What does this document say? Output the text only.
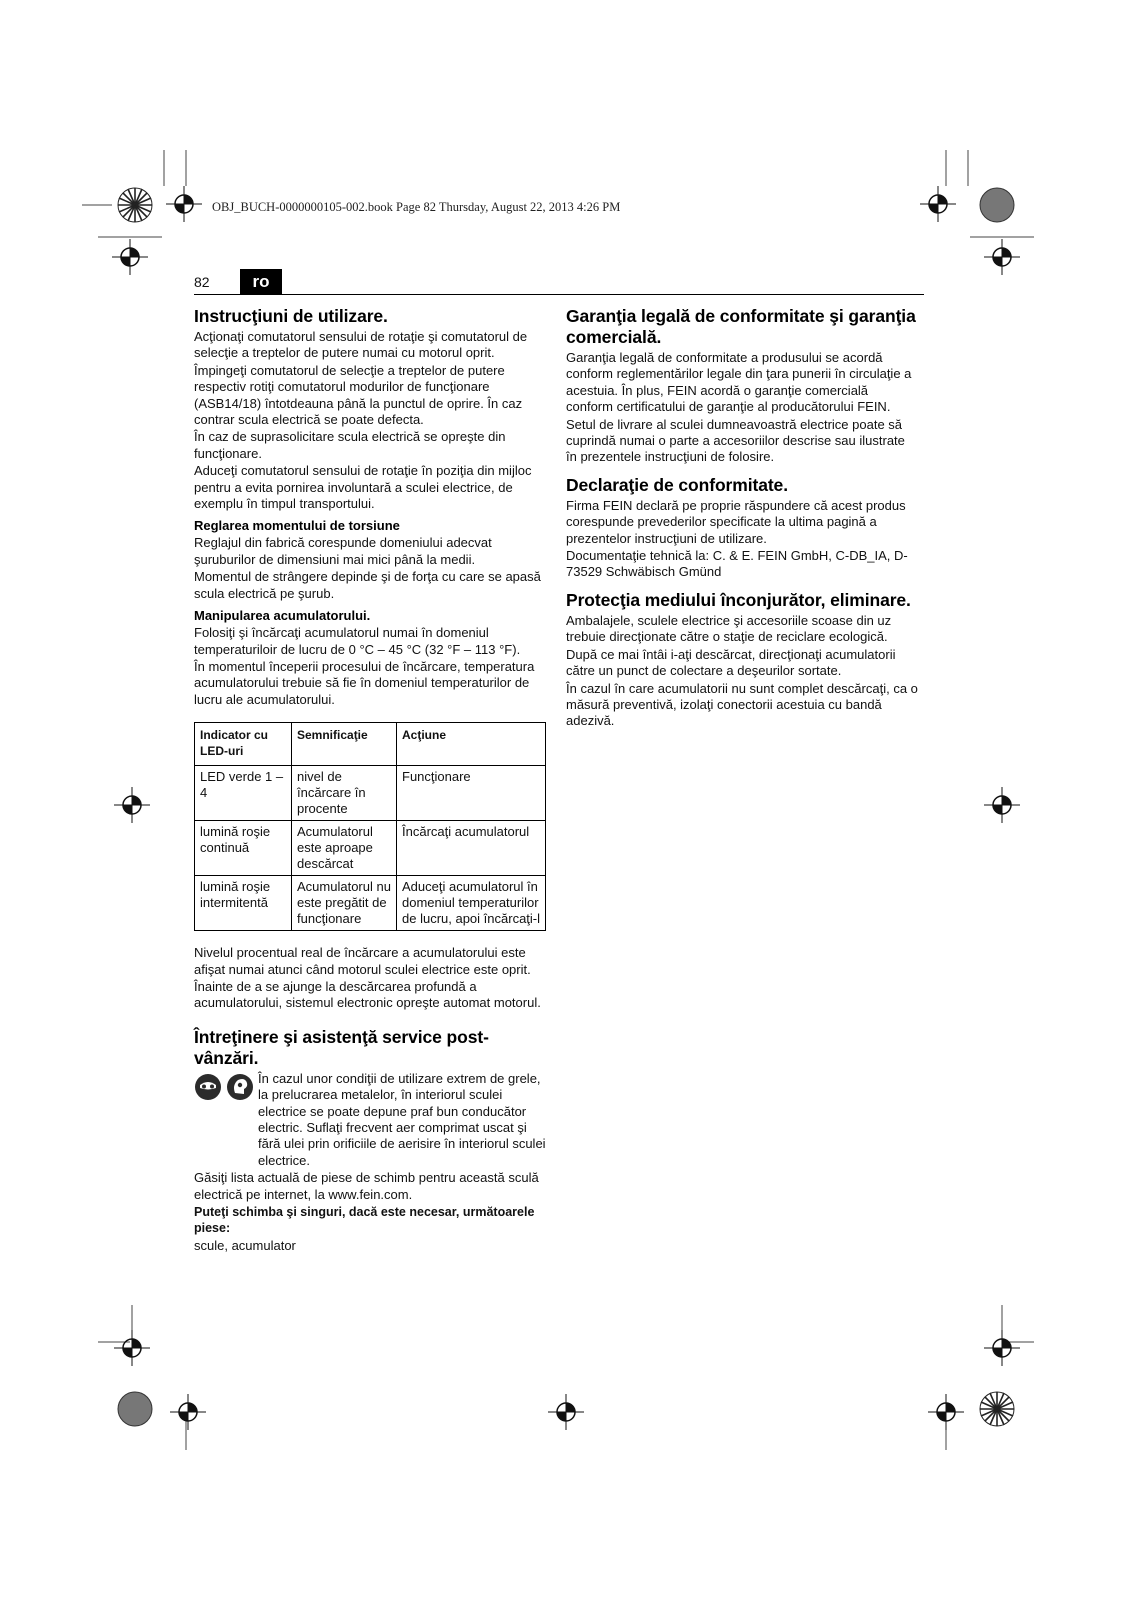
OBJ_BUCH-0000000105-002.book Page 82 Thursday, August 22, 2013 4:26 PM
82	ro
Instrucţiuni de utilizare.

Acţionaţi comutatorul sensului de rotaţie şi comutatorul de selecţie a treptelor de putere numai cu motorul oprit.

Împingeţi comutatorul de selecţie a treptelor de putere respectiv rotiţi comutatorul modurilor de funcţionare (ASB14/18) întotdeauna până la punctul de oprire. În caz contrar scula electrică se poate defecta.

În caz de suprasolicitare scula electrică se opreşte din funcţionare.

Aduceţi comutatorul sensului de rotaţie în poziţia din mijloc pentru a evita pornirea involuntară a sculei electrice, de exemplu în timpul transportului.

Reglarea momentului de torsiune

Reglajul din fabrică corespunde domeniului adecvat şuruburilor de dimensiuni mai mici până la medii.

Momentul de strângere depinde şi de forţa cu care se apasă scula electrică pe şurub.

Manipularea acumulatorului.

Folosiţi şi încărcaţi acumulatorul numai în domeniul temperaturiloir de lucru de 0 °C – 45 °C (32 °F – 113 °F).

În momentul începerii procesului de încărcare, temperatura acumulatorului trebuie să fie în domeniul temperaturilor de lucru ale acumulatorului.

Indicator cu LED-uri	Semnificaţie	Acţiune
LED verde 1 – 4	nivel de încărcare în procente	Funcţionare
lumină roşie continuă	Acumulatorul este aproape descărcat	Încărcaţi acumulatorul
lumină roşie intermitentă	Acumulatorul nu este pregătit de funcţionare	Aduceţi acumulatorul în domeniul temperaturilor de lucru, apoi încărcaţi-l

Nivelul procentual real de încărcare a acumulatorului este afişat numai atunci când motorul sculei electrice este oprit.

Înainte de a se ajunge la descărcarea profundă a acumulatorului, sistemul electronic opreşte automat motorul.

Întreţinere şi asistenţă service post-vânzări.

În cazul unor condiţii de utilizare extrem de grele, la prelucrarea metalelor, în interiorul sculei electrice se poate depune praf bun conducător electric. Suflaţi frecvent aer comprimat uscat şi fără ulei prin orificiile de aerisire în interiorul sculei electrice.

Găsiţi lista actuală de piese de schimb pentru această sculă electrică pe internet, la www.fein.com.

Puteţi schimba şi singuri, dacă este necesar, următoarele piese:

scule, acumulator

Garanţia legală de conformitate şi garanţia comercială.

Garanţia legală de conformitate a produsului se acordă conform reglementărilor legale din ţara punerii în circulaţie a acestuia. În plus, FEIN acordă o garanţie comercială conform certificatului de garanţie al producătorului FEIN.

Setul de livrare al sculei dumneavoastră electrice poate să cuprindă numai o parte a accesoriilor descrise sau ilustrate în prezentele instrucţiuni de folosire.

Declaraţie de conformitate.

Firma FEIN declară pe proprie răspundere că acest produs corespunde prevederilor specificate la ultima pagină a prezentelor instrucţiuni de utilizare.

Documentaţie tehnică la: C. & E. FEIN GmbH, C-DB_IA, D-73529 Schwäbisch Gmünd

Protecţia mediului înconjurător, eliminare.

Ambalajele, sculele electrice şi accesoriile scoase din uz trebuie direcţionate către o staţie de reciclare ecologică.

După ce mai întâi i-aţi descărcat, direcţionaţi acumulatorii către un punct de colectare a deşeurilor sortate.

În cazul în care acumulatorii nu sunt complet descărcaţi, ca o măsură preventivă, izolaţi conectorii acestuia cu bandă adezivă.
